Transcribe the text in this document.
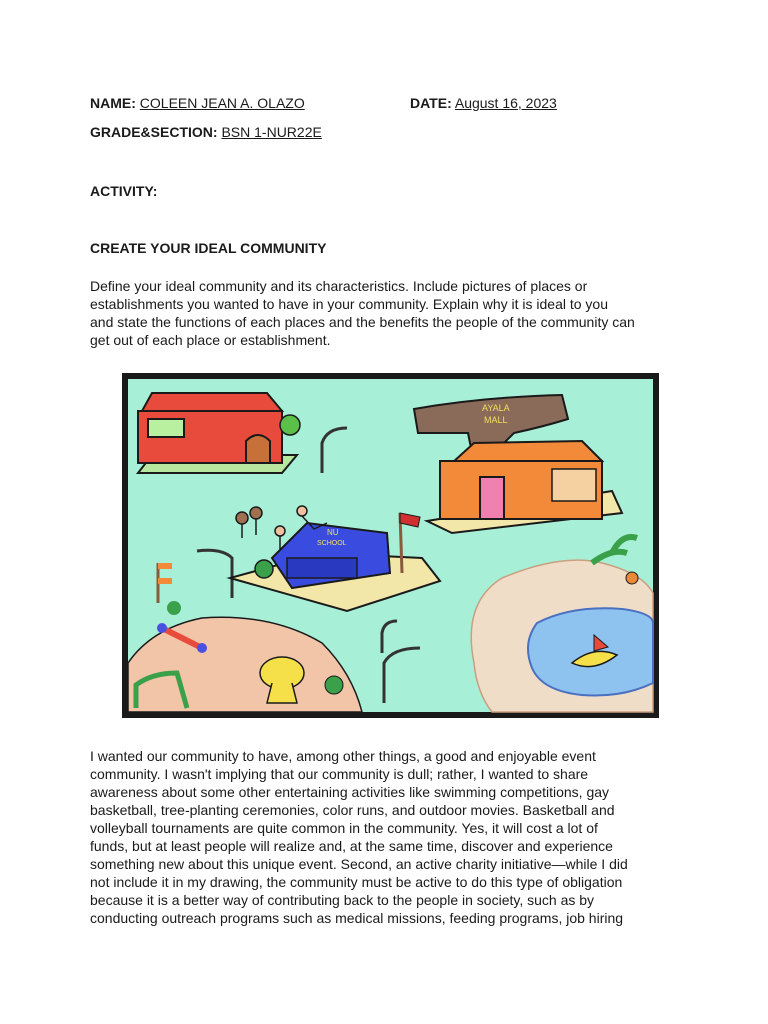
NAME: COLEEN JEAN A. OLAZO	DATE: August 16, 2023
GRADE&SECTION: BSN 1-NUR22E
ACTIVITY:
CREATE YOUR IDEAL COMMUNITY
Define your ideal community and its characteristics. Include pictures of places or
establishments you wanted to have in your community. Explain why it is ideal to you
and state the functions of each places and the benefits the people of the community can
get out of each place or establishment.
AYALA
MALL
NU
SCHOOL
I wanted our community to have, among other things, a good and enjoyable event
community. I wasn't implying that our community is dull; rather, I wanted to share
awareness about some other entertaining activities like swimming competitions, gay
basketball, tree-planting ceremonies, color runs, and outdoor movies. Basketball and
volleyball tournaments are quite common in the community. Yes, it will cost a lot of
funds, but at least people will realize and, at the same time, discover and experience
something new about this unique event. Second, an active charity initiative—while I did
not include it in my drawing, the community must be active to do this type of obligation
because it is a better way of contributing back to the people in society, such as by
conducting outreach programs such as medical missions, feeding programs, job hiring
